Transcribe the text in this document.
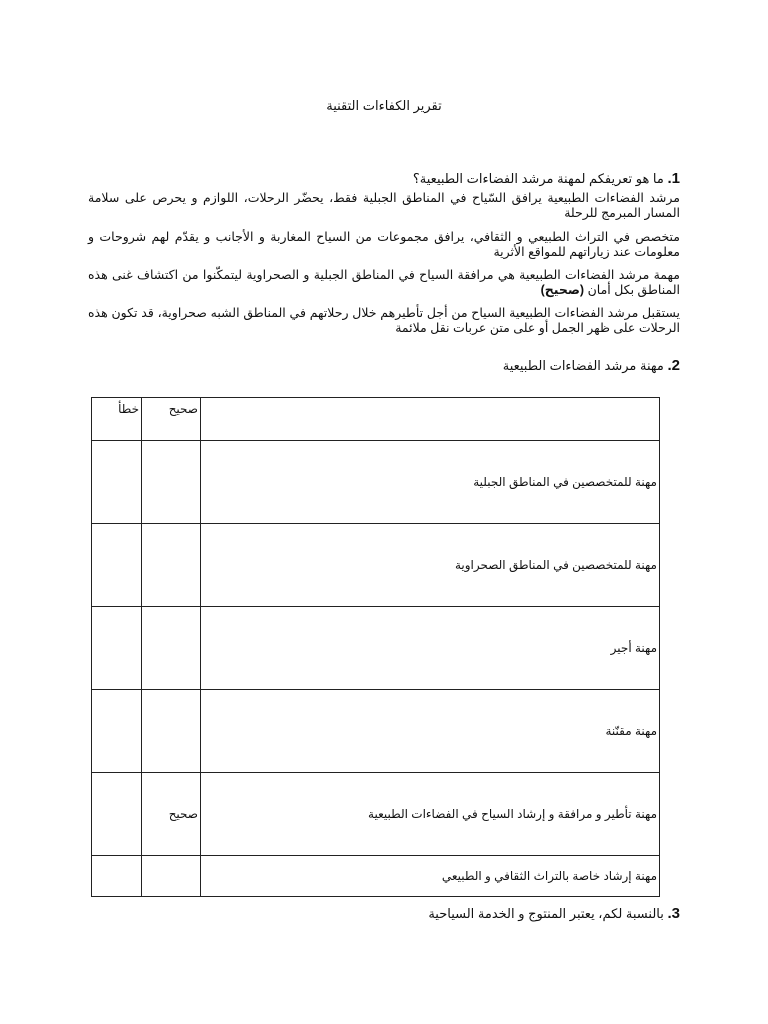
تقرير الكفاءات التقنية
1. ما هو تعريفكم لمهنة مرشد الفضاءات الطبيعية؟
مرشد الفضاءات الطبيعية يرافق السّياح في المناطق الجبلية فقط، يحضّر الرحلات، اللوازم و يحرص على سلامة المسار المبرمج للرحلة
متخصص في التراث الطبيعي و الثقافي، يرافق مجموعات من السياح المغاربة و الأجانب و يقدّم لهم شروحات و معلومات عند زياراتهم للمواقع الأثرية
مهمة مرشد الفضاءات الطبيعية هي مرافقة السياح في المناطق الجبلية و الصحراوية ليتمكّنوا من اكتشاف غنى هذه المناطق بكل أمان (صحيح)
يستقبل مرشد الفضاءات الطبيعية السياح من أجل تأطيرهم خلال رحلاتهم في المناطق الشبه صحراوية، قد تكون هذه الرحلات على ظهر الجمل أو على متن عربات نقل ملائمة
2. مهنة مرشد الفضاءات الطبيعية
	صحيح	خطأ
مهنة للمتخصصين في المناطق الجبلية		
مهنة للمتخصصين في المناطق الصحراوية		
مهنة أجير		
مهنة مقنّنة		
مهنة تأطير و مرافقة و إرشاد السياح في الفضاءات الطبيعية	صحيح	
مهنة إرشاد خاصة بالتراث الثقافي و الطبيعي		
3. بالنسبة لكم، يعتبر المنتوج و الخدمة السياحية
